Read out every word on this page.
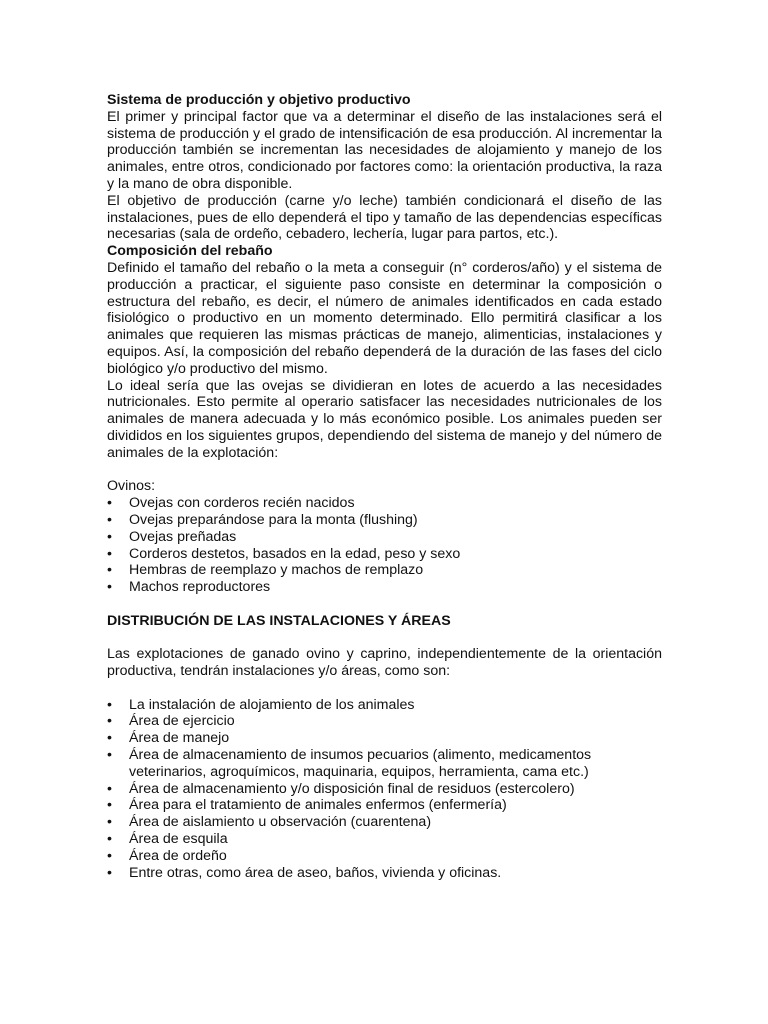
Sistema de producción y objetivo productivo

El primer y principal factor que va a determinar el diseño de las instalaciones será el sistema de producción y el grado de intensificación de esa producción. Al incrementar la producción también se incrementan las necesidades de alojamiento y manejo de los animales, entre otros, condicionado por factores como: la orientación productiva, la raza y la mano de obra disponible.

El objetivo de producción (carne y/o leche) también condicionará el diseño de las instalaciones, pues de ello dependerá el tipo y tamaño de las dependencias específicas necesarias (sala de ordeño, cebadero, lechería, lugar para partos, etc.).

Composición del rebaño

Definido el tamaño del rebaño o la meta a conseguir (n° corderos/año) y el sistema de producción a practicar, el siguiente paso consiste en determinar la composición o estructura del rebaño, es decir, el número de animales identificados en cada estado fisiológico o productivo en un momento determinado. Ello permitirá clasificar a los animales que requieren las mismas prácticas de manejo, alimenticias, instalaciones y equipos. Así, la composición del rebaño dependerá de la duración de las fases del ciclo biológico y/o productivo del mismo.

Lo ideal sería que las ovejas se dividieran en lotes de acuerdo a las necesidades nutricionales. Esto permite al operario satisfacer las necesidades nutricionales de los animales de manera adecuada y lo más económico posible. Los animales pueden ser divididos en los siguientes grupos, dependiendo del sistema de manejo y del número de animales de la explotación:

Ovinos:

•	Ovejas con corderos recién nacidos
•	Ovejas preparándose para la monta (flushing)
•	Ovejas preñadas
•	Corderos destetos, basados en la edad, peso y sexo
•	Hembras de reemplazo y machos de remplazo
•	Machos reproductores

DISTRIBUCIÓN DE LAS INSTALACIONES Y ÁREAS

Las explotaciones de ganado ovino y caprino, independientemente de la orientación productiva, tendrán instalaciones y/o áreas, como son:

•	La instalación de alojamiento de los animales
•	Área de ejercicio
•	Área de manejo
•	Área de almacenamiento de insumos pecuarios (alimento, medicamentos veterinarios, agroquímicos, maquinaria, equipos, herramienta, cama etc.)
•	Área de almacenamiento y/o disposición final de residuos (estercolero)
•	Área para el tratamiento de animales enfermos (enfermería)
•	Área de aislamiento u observación (cuarentena)
•	Área de esquila
•	Área de ordeño
•	Entre otras, como área de aseo, baños, vivienda y oficinas.
